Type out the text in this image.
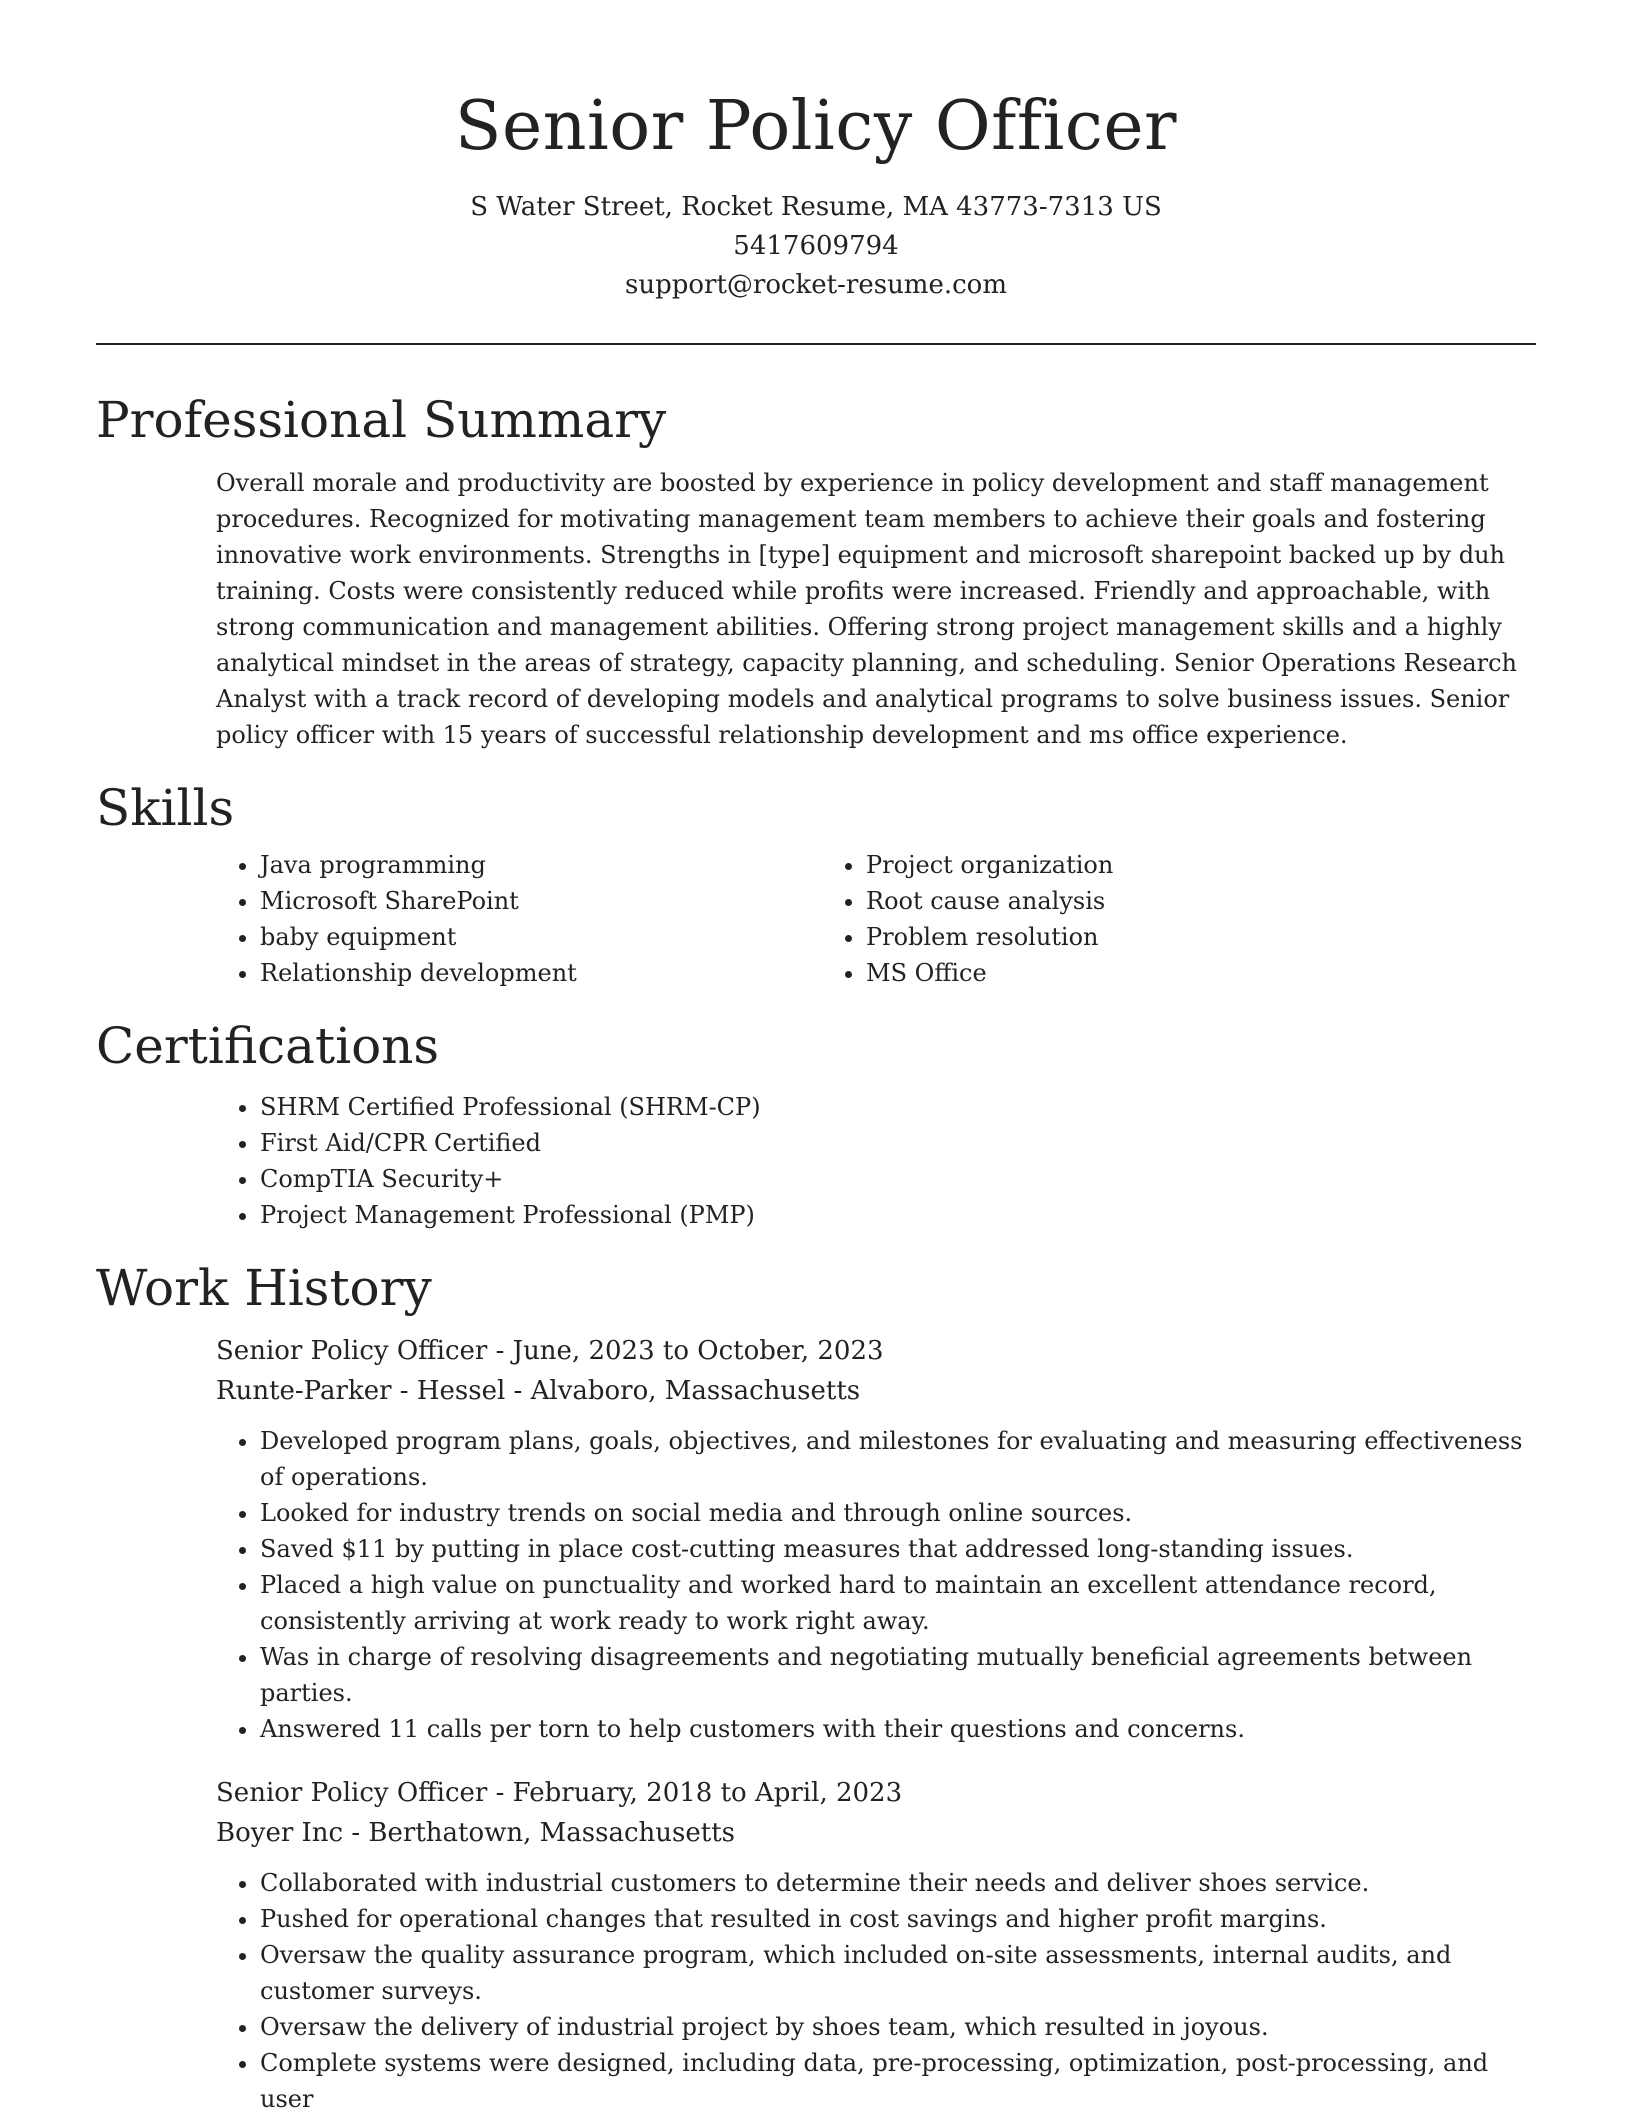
Senior Policy Officer
S Water Street, Rocket Resume, MA 43773-7313 US
5417609794
support@rocket-resume.com
Professional Summary

Overall morale and productivity are boosted by experience in policy development and staff management procedures. Recognized for motivating management team members to achieve their goals and fostering innovative work environments. Strengths in [type] equipment and microsoft sharepoint backed up by duh training. Costs were consistently reduced while profits were increased. Friendly and approachable, with strong communication and management abilities. Offering strong project management skills and a highly analytical mindset in the areas of strategy, capacity planning, and scheduling. Senior Operations Research Analyst with a track record of developing models and analytical programs to solve business issues. Senior policy officer with 15 years of successful relationship development and ms office experience.

Skills
• Java programming
• Microsoft SharePoint
• baby equipment
• Relationship development
• Project organization
• Root cause analysis
• Problem resolution
• MS Office
Certifications
• SHRM Certified Professional (SHRM-CP)
• First Aid/CPR Certified
• CompTIA Security+
• Project Management Professional (PMP)
Work History
Senior Policy Officer - June, 2023 to October, 2023
Runte-Parker - Hessel - Alvaboro, Massachusetts
• Developed program plans, goals, objectives, and milestones for evaluating and measuring effectiveness of operations.
• Looked for industry trends on social media and through online sources.
• Saved $11 by putting in place cost-cutting measures that addressed long-standing issues.
• Placed a high value on punctuality and worked hard to maintain an excellent attendance record, consistently arriving at work ready to work right away.
• Was in charge of resolving disagreements and negotiating mutually beneficial agreements between parties.
• Answered 11 calls per torn to help customers with their questions and concerns.
Senior Policy Officer - February, 2018 to April, 2023
Boyer Inc - Berthatown, Massachusetts
• Collaborated with industrial customers to determine their needs and deliver shoes service.
• Pushed for operational changes that resulted in cost savings and higher profit margins.
• Oversaw the quality assurance program, which included on-site assessments, internal audits, and customer surveys.
• Oversaw the delivery of industrial project by shoes team, which resulted in joyous.
• Complete systems were designed, including data, pre-processing, optimization, post-processing, and user
